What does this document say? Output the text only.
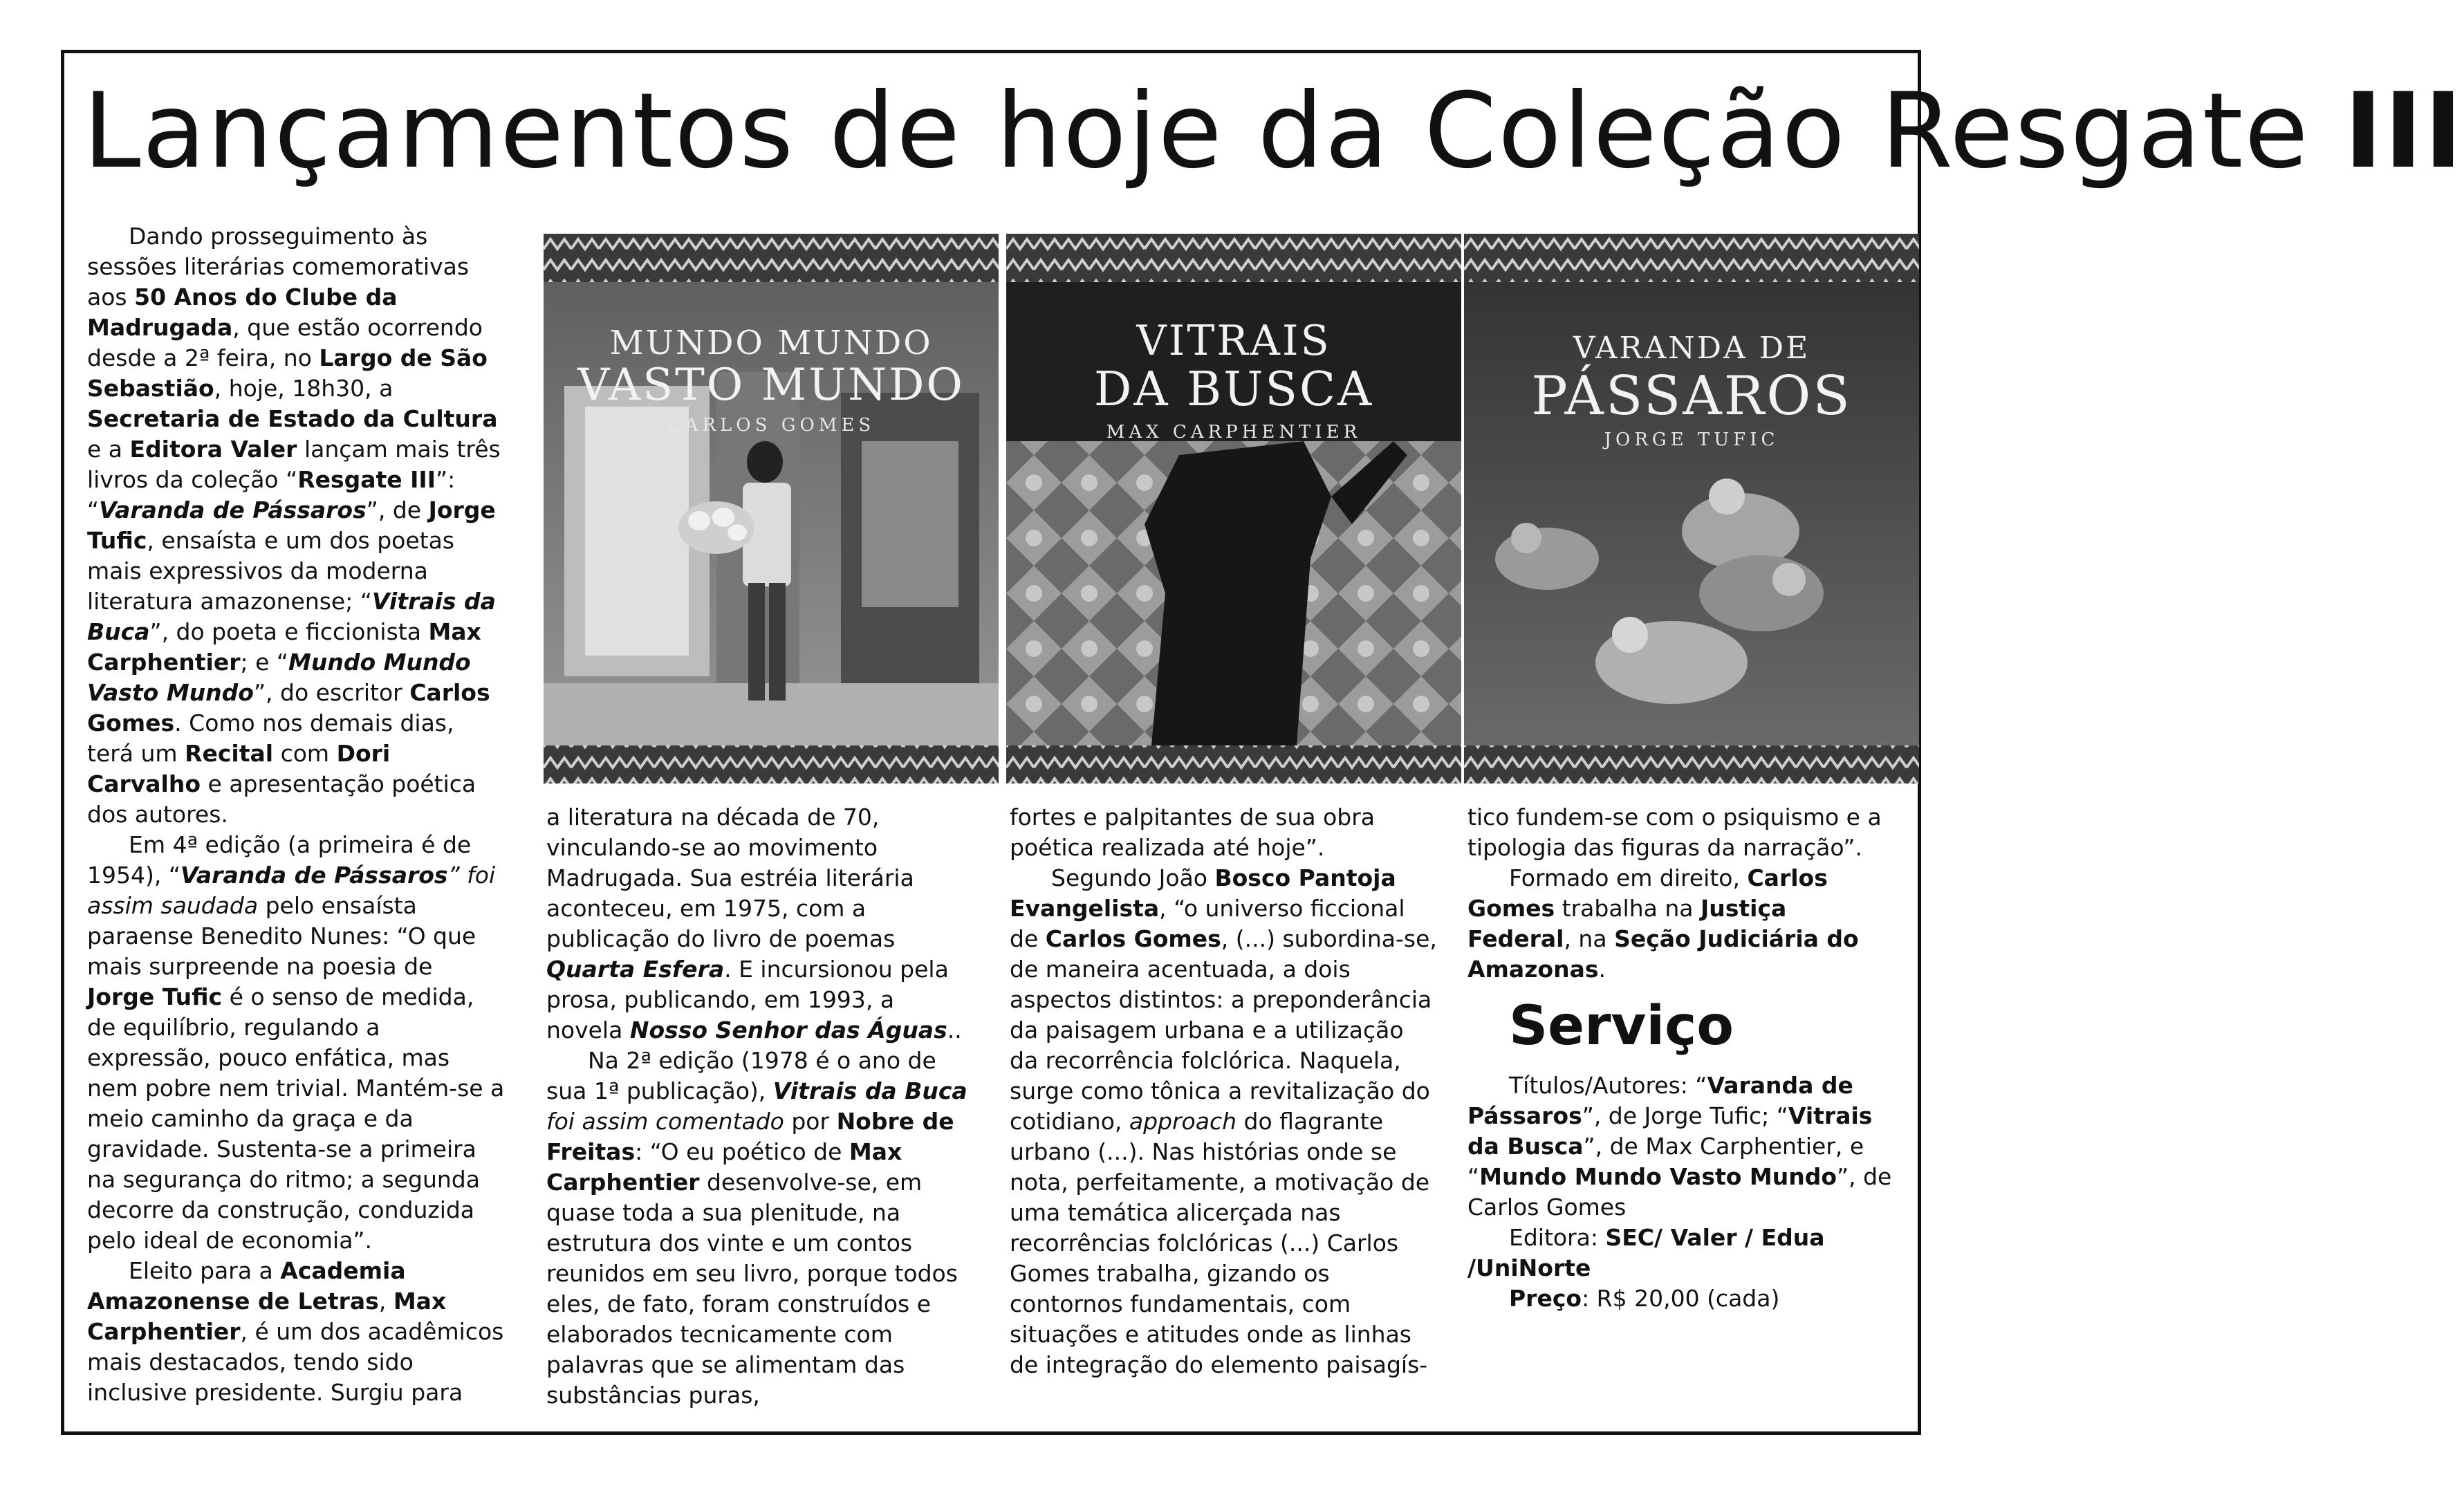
Lançamentos de hoje da Coleção Resgate III

Dando prosseguimento às sessões literárias comemorativas aos 50 Anos do Clube da Madrugada, que estão ocorrendo desde a 2ª feira, no Largo de São Sebastião, hoje, 18h30, a Secretaria de Estado da Cultura e a Editora Valer lançam mais três livros da coleção “Resgate III”: “Varanda de Pássaros”, de Jorge Tufic, ensaísta e um dos poetas mais expressivos da moderna literatura amazonense; “Vitrais da Buca”, do poeta e ficcionista Max Carphentier; e “Mundo Mundo Vasto Mundo”, do escritor Carlos Gomes. Como nos demais dias, terá um Recital com Dori Carvalho e apresentação poética dos autores.

Em 4ª edição (a primeira é de 1954), “Varanda de Pássaros” foi assim saudada pelo ensaísta paraense Benedito Nunes: “O que mais surpreende na poesia de Jorge Tufic é o senso de medida, de equilíbrio, regulando a expressão, pouco enfática, mas nem pobre nem trivial. Mantém-se a meio caminho da graça e da gravidade. Sustenta-se a primeira na segurança do ritmo; a segunda decorre da construção, conduzida pelo ideal de economia”.

Eleito para a Academia Amazonense de Letras, Max Carphentier, é um dos acadêmicos mais destacados, tendo sido inclusive presidente. Surgiu para

MUNDO MUNDO
VASTO MUNDO
CARLOS GOMES
VITRAIS
DA BUSCA
MAX CARPHENTIER
VARANDA DE
PÁSSAROS
JORGE TUFIC

a literatura na década de 70, vinculando-se ao movimento Madrugada. Sua estréia literária aconteceu, em 1975, com a publicação do livro de poemas Quarta Esfera. E incursionou pela prosa, publicando, em 1993, a novela Nosso Senhor das Águas..

Na 2ª edição (1978 é o ano de sua 1ª publicação), Vitrais da Buca foi assim comentado por Nobre de Freitas: “O eu poético de Max Carphentier desenvolve-se, em quase toda a sua plenitude, na estrutura dos vinte e um contos reunidos em seu livro, porque todos eles, de fato, foram construídos e elaborados tecnicamente com palavras que se alimentam das substâncias puras,

fortes e palpitantes de sua obra poética realizada até hoje”.

Segundo João Bosco Pantoja Evangelista, “o universo ficcional de Carlos Gomes, (...) subordina-se, de maneira acentuada, a dois aspectos distintos: a preponderância da paisagem urbana e a utilização da recorrência folclórica. Naquela, surge como tônica a revitalização do cotidiano, approach do flagrante urbano (...). Nas histórias onde se nota, perfeitamente, a motivação de uma temática alicerçada nas recorrências folclóricas (...) Carlos Gomes trabalha, gizando os contornos fundamentais, com situações e atitudes onde as linhas de integração do elemento paisagís-

tico fundem-se com o psiquismo e a tipologia das figuras da narração”.

Formado em direito, Carlos Gomes trabalha na Justiça Federal, na Seção Judiciária do Amazonas.

Serviço

Títulos/Autores: “Varanda de Pássaros”, de Jorge Tufic; “Vitrais da Busca”, de Max Carphentier, e “Mundo Mundo Vasto Mundo”, de Carlos Gomes

Editora: SEC/ Valer / Edua /UniNorte

Preço: R$ 20,00 (cada)
